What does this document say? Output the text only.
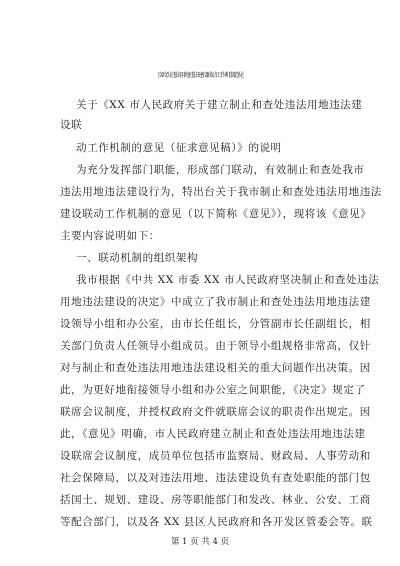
京政发违法用地违法建设联动工作机制意见
关于《XX 市人民政府关于建立制止和查处违法用地违法建
设联
动工作机制的意见（征求意见稿）》的说明
为充分发挥部门职能，形成部门联动，有效制止和查处我市
违法用地违法建设行为，特出台关于我市制止和查处违法用地违法
建设联动工作机制的意见（以下简称《意见》），现将该《意见》
主要内容说明如下：
一、联动机制的组织架构
我市根据《中共 XX 市委 XX 市人民政府坚决制止和查处违法
用地违法建设的决定》中成立了我市制止和查处违法用地违法建
设领导小组和办公室，由市长任组长，分管副市长任副组长，相
关部门负责人任领导小组成员。由于领导小组规格非常高，仅针
对与制止和查处违法用地违法建设相关的重大问题作出决策。因
此，为更好地衔接领导小组和办公室之间职能，《决定》规定了
联席会议制度，并授权政府文件就联席会议的职责作出规定。因
此，《意见》明确，市人民政府建立制止和查处违法用地违法建
设联席会议制度，成员单位包括市监察局、财政局、人事劳动和
社会保障局，以及对违法用地、违法建设负有查处职能的部门包
括国土、规划、建设、房等职能部门和发改、林业、公安、工商
等配合部门，以及各 XX 县区人民政府和各开发区管委会等。联
第 1 页 共 4 页
